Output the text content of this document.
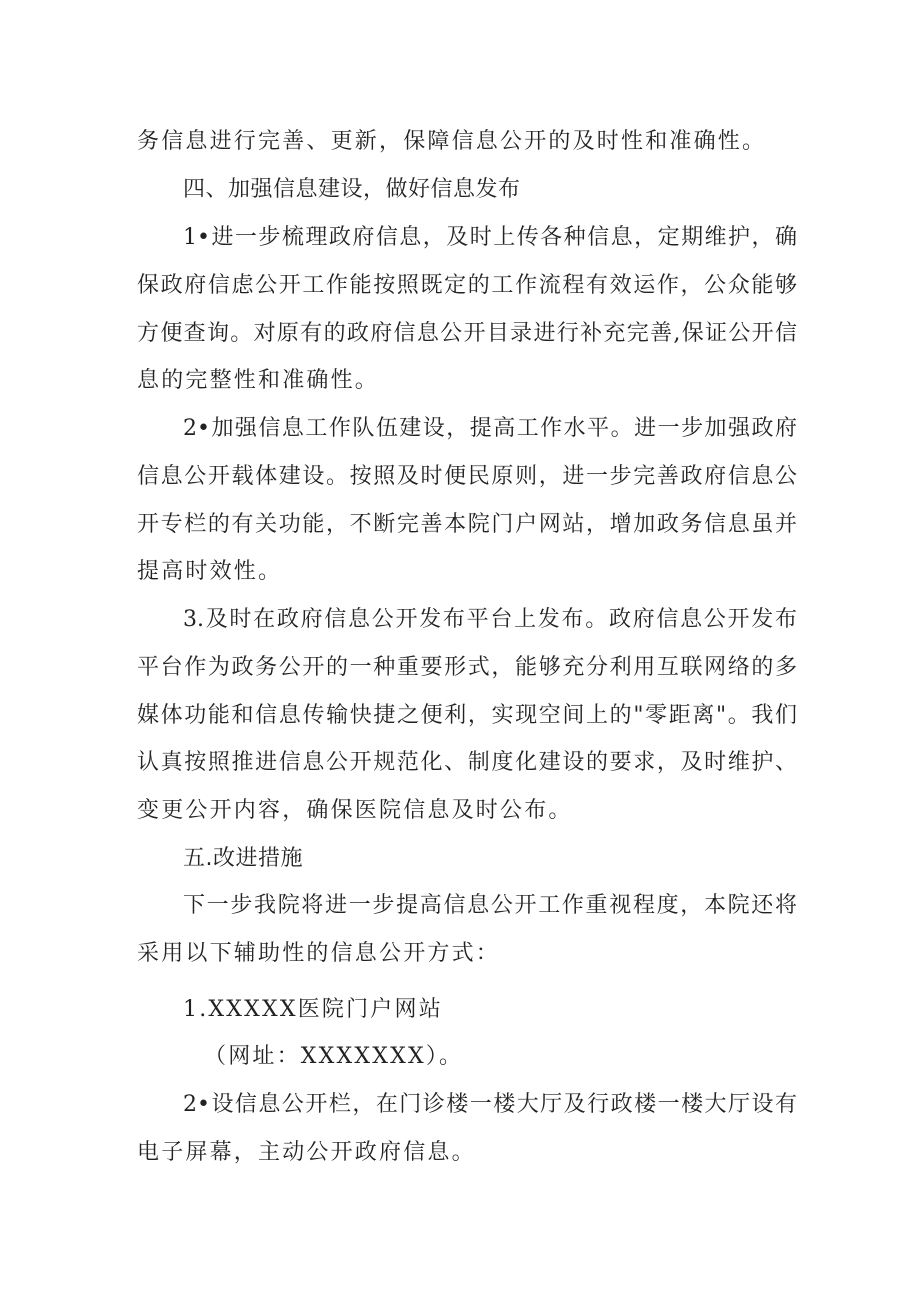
务信息进行完善、更新，保障信息公开的及时性和准确性。
四、加强信息建设，做好信息发布
1•进一步梳理政府信息，及时上传各种信息，定期维护，确
保政府信虑公开工作能按照既定的工作流程有效运作，公众能够
方便查询。对原有的政府信息公开目录进行补充完善,保证公开信
息的完整性和准确性。
2•加强信息工作队伍建设，提高工作水平。进一步加强政府
信息公开载体建设。按照及时便民原则，进一步完善政府信息公
开专栏的有关功能，不断完善本院门户网站，增加政务信息虽并
提高时效性。
3.及时在政府信息公开发布平台上发布。政府信息公开发布
平台作为政务公开的一种重要形式，能够充分利用互联网络的多
媒体功能和信息传输快捷之便利，实现空间上的"零距离"。我们
认真按照推进信息公开规范化、制度化建设的要求，及时维护、
变更公开内容，确保医院信息及时公布。
五.改进措施
下一步我院将进一步提高信息公开工作重视程度，本院还将
采用以下辅助性的信息公开方式：
1.XXXXX医院门户网站
（网址：XXXXXXX）。
2•设信息公开栏，在门诊楼一楼大厅及行政楼一楼大厅设有
电子屏幕，主动公开政府信息。
